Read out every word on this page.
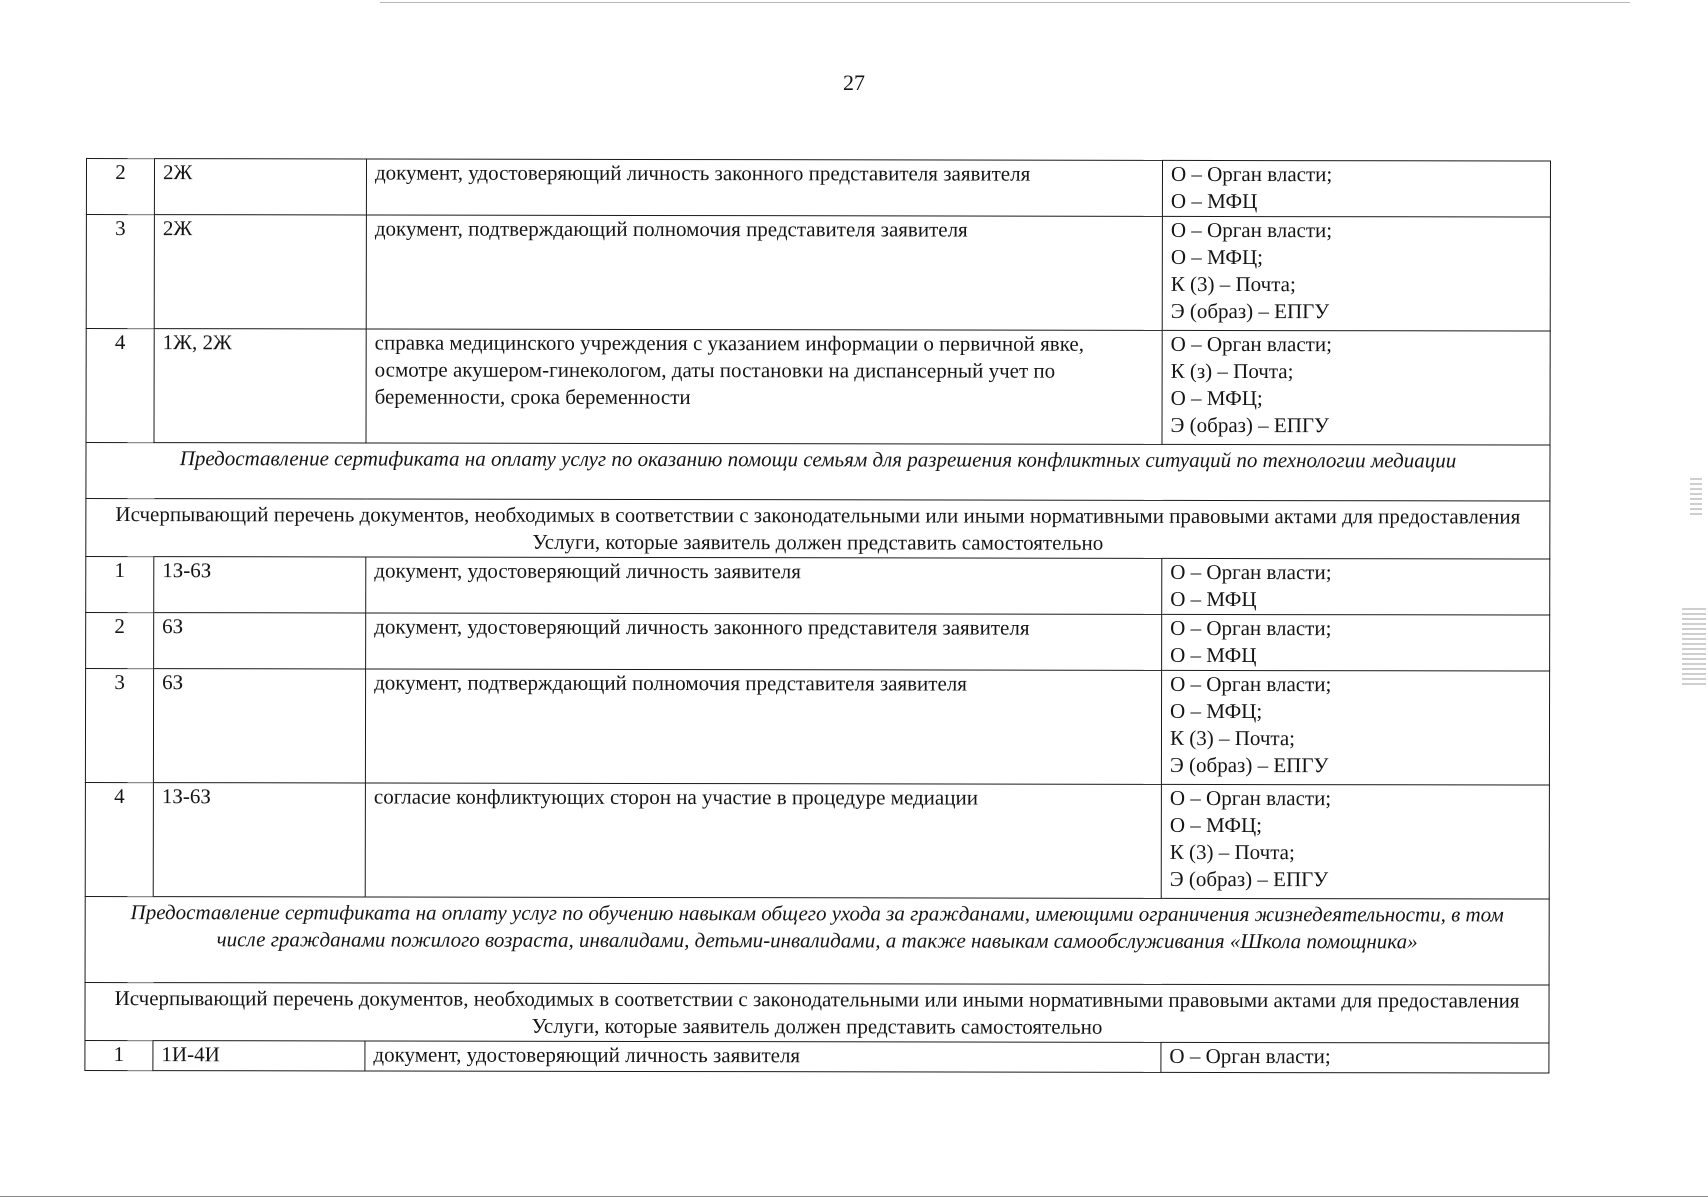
27
2	2Ж	документ, удостоверяющий личность законного представителя заявителя	О – Орган власти;
О – МФЦ

3	2Ж	документ, подтверждающий полномочия представителя заявителя	О – Орган власти;
О – МФЦ;
К (3) – Почта;
Э (образ) – ЕПГУ

4	1Ж, 2Ж	справка медицинского учреждения с указанием информации о первичной явке, осмотре акушером-гинекологом, даты постановки на диспансерный учет по беременности, срока беременности	О – Орган власти;
К (з) – Почта;
О – МФЦ;
Э (образ) – ЕПГУ

Предоставление сертификата на оплату услуг по оказанию помощи семьям для разрешения конфликтных ситуаций по технологии медиации			
Исчерпывающий перечень документов, необходимых в соответствии с законодательными или иными нормативными правовыми актами для предоставления Услуги, которые заявитель должен представить самостоятельно			
1	1З-6З	документ, удостоверяющий личность заявителя	О – Орган власти;
О – МФЦ

2	6З	документ, удостоверяющий личность законного представителя заявителя	О – Орган власти;
О – МФЦ

3	6З	документ, подтверждающий полномочия представителя заявителя	О – Орган власти;
О – МФЦ;
К (3) – Почта;
Э (образ) – ЕПГУ

4	1З-6З	согласие конфликтующих сторон на участие в процедуре медиации	О – Орган власти;
О – МФЦ;
К (3) – Почта;
Э (образ) – ЕПГУ

Предоставление сертификата на оплату услуг по обучению навыкам общего ухода за гражданами, имеющими ограничения жизнедеятельности, в том числе гражданами пожилого возраста, инвалидами, детьми-инвалидами, а также навыкам самообслуживания «Школа помощника»			
Исчерпывающий перечень документов, необходимых в соответствии с законодательными или иными нормативными правовыми актами для предоставления Услуги, которые заявитель должен представить самостоятельно			
1	1И-4И	документ, удостоверяющий личность заявителя	О – Орган власти;
